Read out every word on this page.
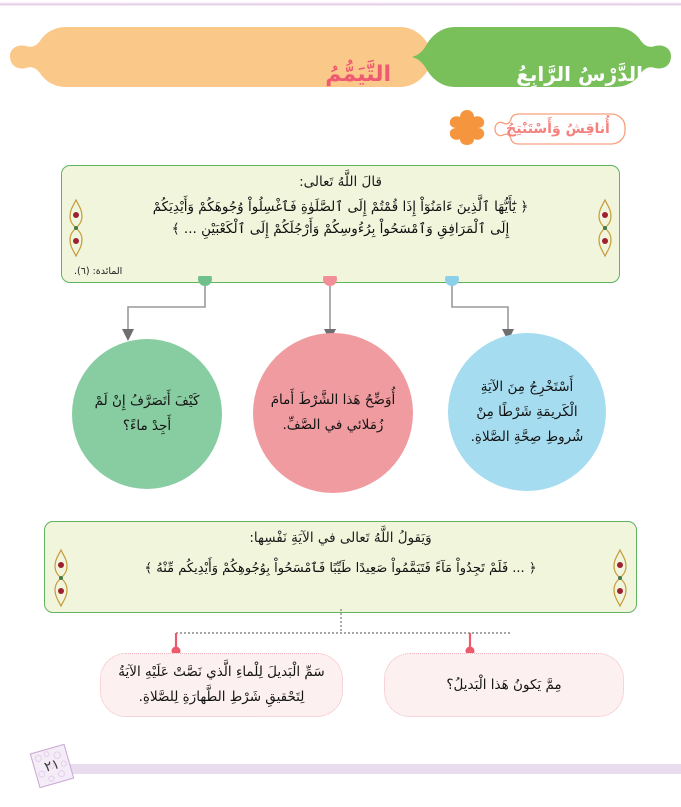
الدَّرْسُ الرَّابِعُ
التَّيَمُّمُ
أُناقِشُ وَأَسْتَنْتِجُ
قالَ اللَّهُ تَعالى:
﴿ يَٰٓأَيُّهَا ٱلَّذِينَ ءَامَنُوٓاْ إِذَا قُمْتُمْ إِلَى ٱلصَّلَوٰةِ فَٱغْسِلُواْ وُجُوهَكُمْ وَأَيْدِيَكُمْ
إِلَى ٱلْمَرَافِقِ وَٱمْسَحُواْ بِرُءُوسِكُمْ وَأَرْجُلَكُمْ إِلَى ٱلْكَعْبَيْنِ ... ﴾
المائدة: (٦).
كَيْفَ أَتَصَرَّفُ إِنْ لَمْ أَجِدْ ماءً؟
أُوَضِّحُ هَذا الشَّرْطَ أَمامَ زُمَلائي في الصَّفِّ.
أَسْتَخْرِجُ مِنَ الآيَةِ الْكَريمَةِ شَرْطًا مِنْ شُروطِ صِحَّةِ الصَّلاةِ.
وَيَقولُ اللَّهُ تَعالى في الآيَةِ نَفْسِها:
﴿ ... فَلَمْ تَجِدُواْ مَآءً فَتَيَمَّمُواْ صَعِيدًا طَيِّبًا فَٱمْسَحُواْ بِوُجُوهِكُمْ وَأَيْدِيكُم مِّنْهُ ﴾
سَمِّ الْبَديلَ لِلْماءِ الَّذي نَصَّتْ عَلَيْهِ الآيَةُ لِتَحْقيقِ شَرْطِ الطَّهارَةِ لِلصَّلاةِ.
مِمَّ يَكونُ هَذا الْبَديلُ؟
٢١
